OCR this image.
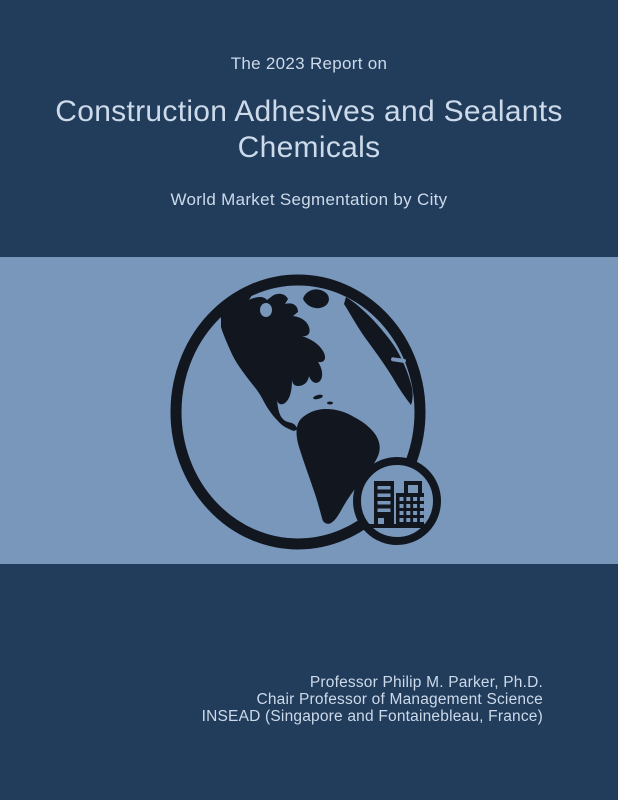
The 2023 Report on
Construction Adhesives and Sealants
Chemicals
World Market Segmentation by City
Professor Philip M. Parker, Ph.D.
Chair Professor of Management Science
INSEAD (Singapore and Fontainebleau, France)
